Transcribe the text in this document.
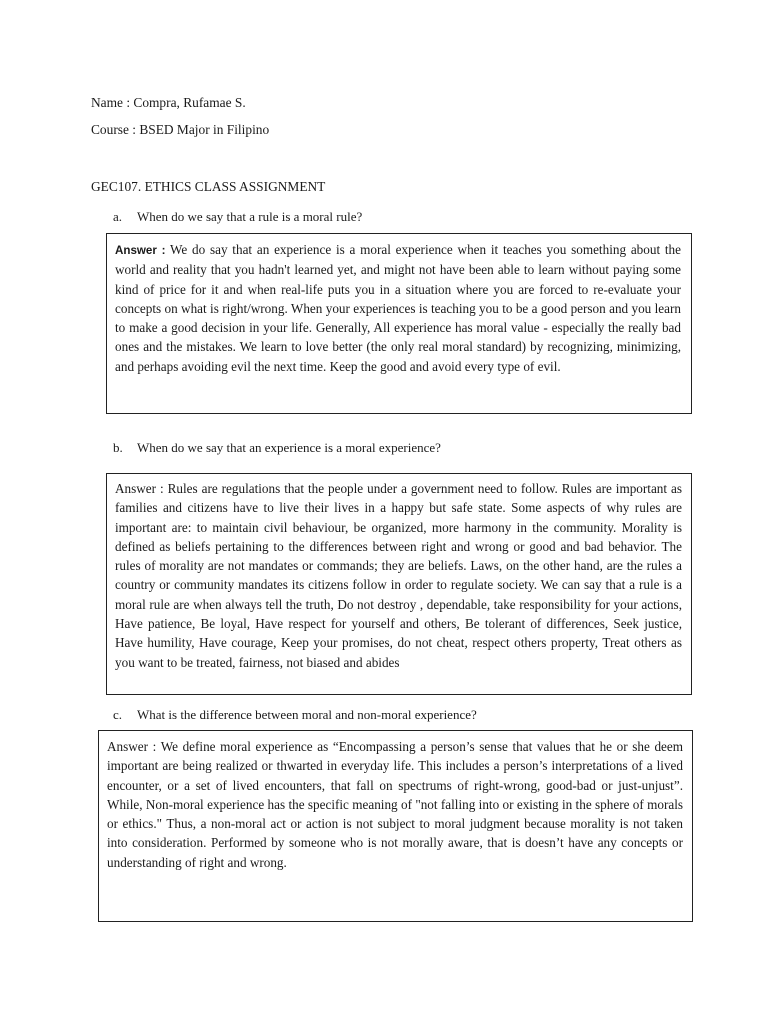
Name : Compra, Rufamae S.
Course : BSED Major in Filipino
GEC107. ETHICS CLASS ASSIGNMENT
a. When do we say that a rule is a moral rule?
Answer : We do say that an experience is a moral experience when it teaches you something about the world and reality that you hadn't learned yet, and might not have been able to learn without paying some kind of price for it and when real-life puts you in a situation where you are forced to re-evaluate your concepts on what is right/wrong. When your experiences is teaching you to be a good person and you learn to make a good decision in your life. Generally, All experience has moral value - especially the really bad ones and the mistakes. We learn to love better (the only real moral standard) by recognizing, minimizing, and perhaps avoiding evil the next time. Keep the good and avoid every type of evil.
b. When do we say that an experience is a moral experience?
Answer : Rules are regulations that the people under a government need to follow. Rules are important as families and citizens have to live their lives in a happy but safe state. Some aspects of why rules are important are: to maintain civil behaviour, be organized, more harmony in the community. Morality is defined as beliefs pertaining to the differences between right and wrong or good and bad behavior. The rules of morality are not mandates or commands; they are beliefs. Laws, on the other hand, are the rules a country or community mandates its citizens follow in order to regulate society. We can say that a rule is a moral rule are when always tell the truth, Do not destroy , dependable, take responsibility for your actions, Have patience, Be loyal, Have respect for yourself and others, Be tolerant of differences, Seek justice, Have humility, Have courage, Keep your promises, do not cheat, respect others property, Treat others as you want to be treated, fairness, not biased and abides
c. What is the difference between moral and non-moral experience?
Answer : We define moral experience as “Encompassing a person’s sense that values that he or she deem important are being realized or thwarted in everyday life. This includes a person’s interpretations of a lived encounter, or a set of lived encounters, that fall on spectrums of right-wrong, good-bad or just-unjust”. While, Non-moral experience has the specific meaning of "not falling into or existing in the sphere of morals or ethics." Thus, a non-moral act or action is not subject to moral judgment because morality is not taken into consideration. Performed by someone who is not morally aware, that is doesn’t have any concepts or understanding of right and wrong.
